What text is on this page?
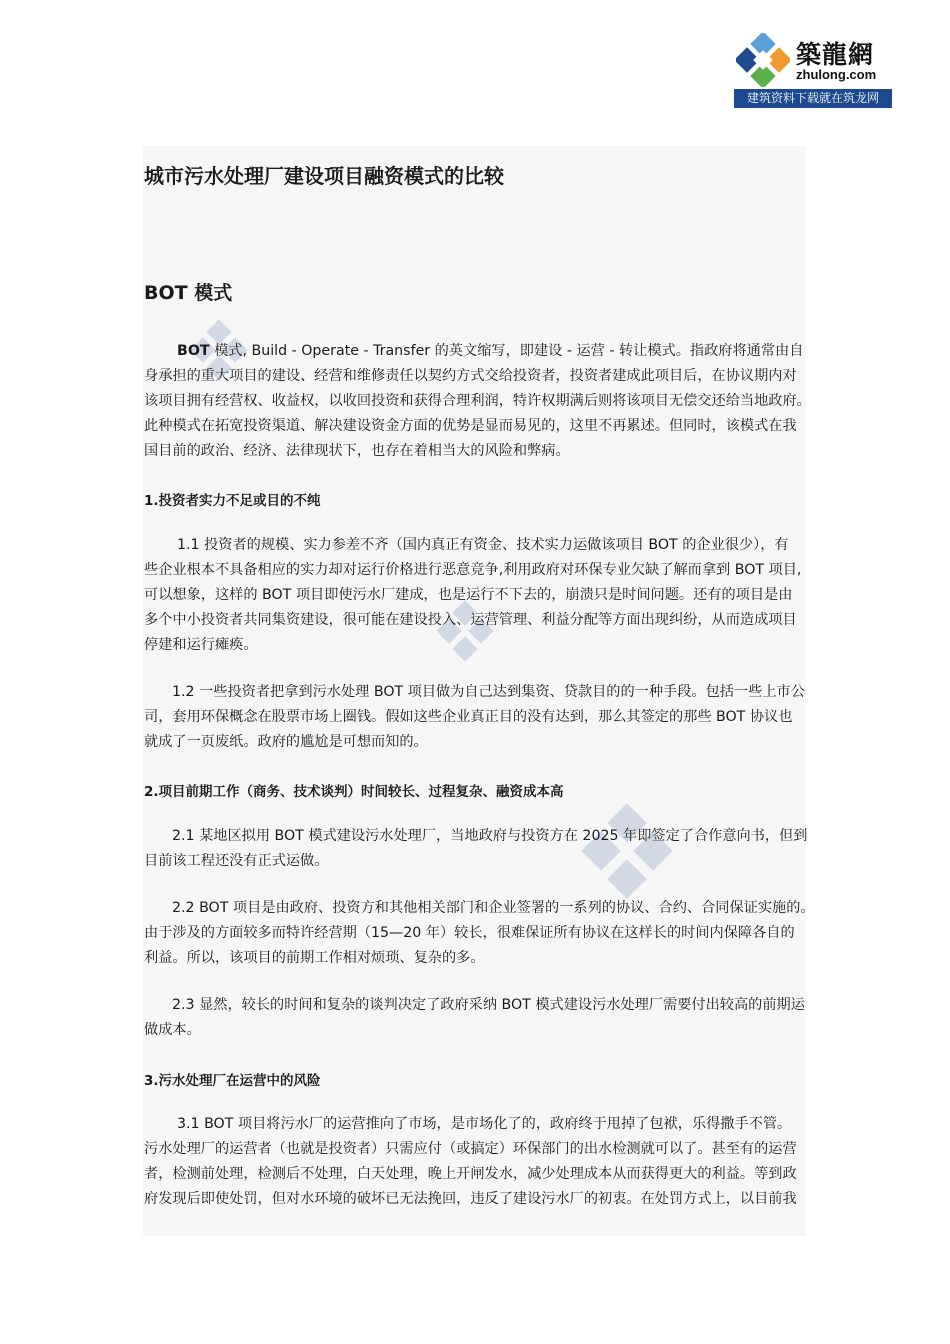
築龍網
zhulong.com
建筑资料下载就在筑龙网
城市污水处理厂建设项目融资模式的比较
BOT 模式
BOT 模式, Build - Operate - Transfer 的英文缩写，即建设 - 运营 - 转让模式。指政府将通常由自
身承担的重大项目的建设、经营和维修责任以契约方式交给投资者，投资者建成此项目后，在协议期内对
该项目拥有经营权、收益权，以收回投资和获得合理利润，特许权期满后则将该项目无偿交还给当地政府。
此种模式在拓宽投资渠道、解决建设资金方面的优势是显而易见的，这里不再累述。但同时，该模式在我
国目前的政治、经济、法律现状下，也存在着相当大的风险和弊病。
1.投资者实力不足或目的不纯
1.1 投资者的规模、实力参差不齐（国内真正有资金、技术实力运做该项目 BOT 的企业很少），有
些企业根本不具备相应的实力却对运行价格进行恶意竞争,利用政府对环保专业欠缺了解而拿到 BOT 项目,
可以想象，这样的 BOT 项目即使污水厂建成，也是运行不下去的，崩溃只是时间问题。还有的项目是由
多个中小投资者共同集资建设，很可能在建设投入、运营管理、利益分配等方面出现纠纷，从而造成项目
停建和运行瘫痪。
1.2 一些投资者把拿到污水处理 BOT 项目做为自己达到集资、贷款目的的一种手段。包括一些上市公
司，套用环保概念在股票市场上圈钱。假如这些企业真正目的没有达到，那么其签定的那些 BOT 协议也
就成了一页废纸。政府的尴尬是可想而知的。
2.项目前期工作（商务、技术谈判）时间较长、过程复杂、融资成本高
2.1 某地区拟用 BOT 模式建设污水处理厂，当地政府与投资方在 2025 年即签定了合作意向书，但到
目前该工程还没有正式运做。
2.2 BOT 项目是由政府、投资方和其他相关部门和企业签署的一系列的协议、合约、合同保证实施的。
由于涉及的方面较多而特许经营期（15—20 年）较长，很难保证所有协议在这样长的时间内保障各自的
利益。所以，该项目的前期工作相对烦琐、复杂的多。
2.3 显然，较长的时间和复杂的谈判决定了政府采纳 BOT 模式建设污水处理厂需要付出较高的前期运
做成本。
3.污水处理厂在运营中的风险
3.1 BOT 项目将污水厂的运营推向了市场，是市场化了的，政府终于甩掉了包袱，乐得撒手不管。
污水处理厂的运营者（也就是投资者）只需应付（或搞定）环保部门的出水检测就可以了。甚至有的运营
者，检测前处理，检测后不处理，白天处理，晚上开闸发水，减少处理成本从而获得更大的利益。等到政
府发现后即使处罚，但对水环境的破坏已无法挽回，违反了建设污水厂的初衷。在处罚方式上，以目前我
